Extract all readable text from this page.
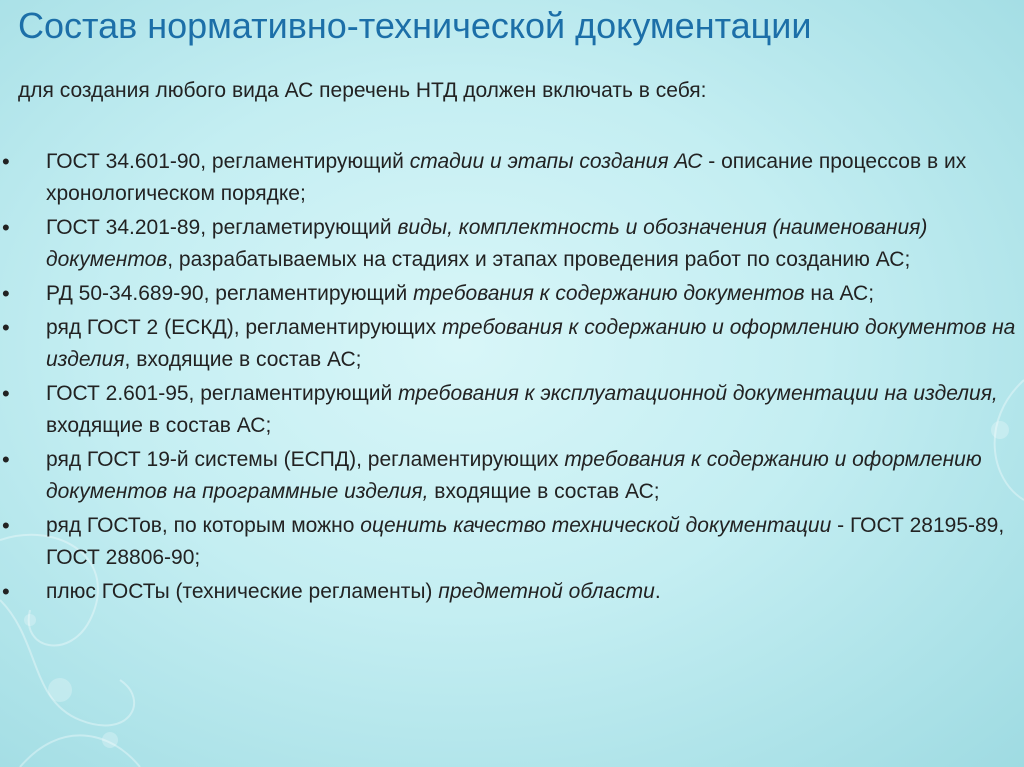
Состав нормативно-технической документации

для создания любого вида АС перечень НТД должен включать в себя:

•	ГОСТ 34.601-90, регламентирующий стадии и этапы создания АС - описание процессов в их хронологическом порядке;
•	ГОСТ 34.201-89, регламетирующий виды, комплектность и обозначения (наименования) документов, разрабатываемых на стадиях и этапах проведения работ по созданию АС;
•	РД 50-34.689-90, регламентирующий требования к содержанию документов на АС;
•	ряд ГОСТ 2 (ЕСКД), регламентирующих требования к содержанию и оформлению документов на изделия, входящие в состав АС;
•	ГОСТ 2.601-95, регламентирующий требования к эксплуатационной документации на изделия, входящие в состав АС;
•	ряд ГОСТ 19-й системы (ЕСПД), регламентирующих требования к содержанию и оформлению документов на программные изделия, входящие в состав АС;
•	ряд ГОСТов, по которым можно оценить качество технической документации - ГОСТ 28195-89, ГОСТ 28806-90;
•	плюс ГОСТы (технические регламенты) предметной области.
